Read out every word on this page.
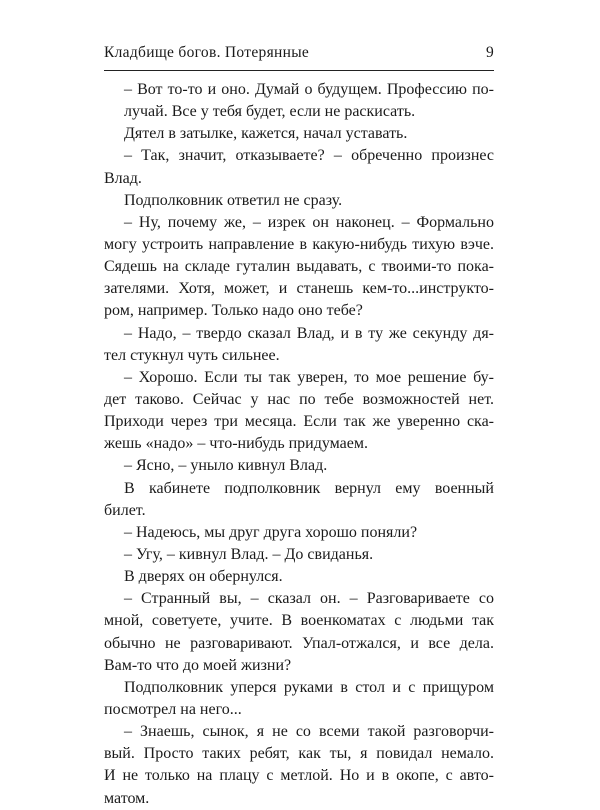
Кладбище богов. Потерянные	9
– Вот то-то и оно. Думай о будущем. Профессию по-
лучай. Все у тебя будет, если не раскисать.
Дятел в затылке, кажется, начал уставать.
– Так, значит, отказываете? – обреченно произнес
Влад.
Подполковник ответил не сразу.
– Ну, почему же, – изрек он наконец. – Формально
могу устроить направление в какую-нибудь тихую вэче.
Сядешь на складе гуталин выдавать, с твоими-то пока-
зателями. Хотя, может, и станешь кем-то...инструкто-
ром, например. Только надо оно тебе?
– Надо, – твердо сказал Влад, и в ту же секунду дя-
тел стукнул чуть сильнее.
– Хорошо. Если ты так уверен, то мое решение бу-
дет таково. Сейчас у нас по тебе возможностей нет.
Приходи через три месяца. Если так же уверенно ска-
жешь «надо» – что-нибудь придумаем.
– Ясно, – уныло кивнул Влад.
В кабинете подполковник вернул ему военный
билет.
– Надеюсь, мы друг друга хорошо поняли?
– Угу, – кивнул Влад. – До свиданья.
В дверях он обернулся.
– Странный вы, – сказал он. – Разговариваете со
мной, советуете, учите. В военкоматах с людьми так
обычно не разговаривают. Упал-отжался, и все дела.
Вам-то что до моей жизни?
Подполковник уперся руками в стол и с прищуром
посмотрел на него...
– Знаешь, сынок, я не со всеми такой разговорчи-
вый. Просто таких ребят, как ты, я повидал немало.
И не только на плацу с метлой. Но и в окопе, с авто-
матом.
